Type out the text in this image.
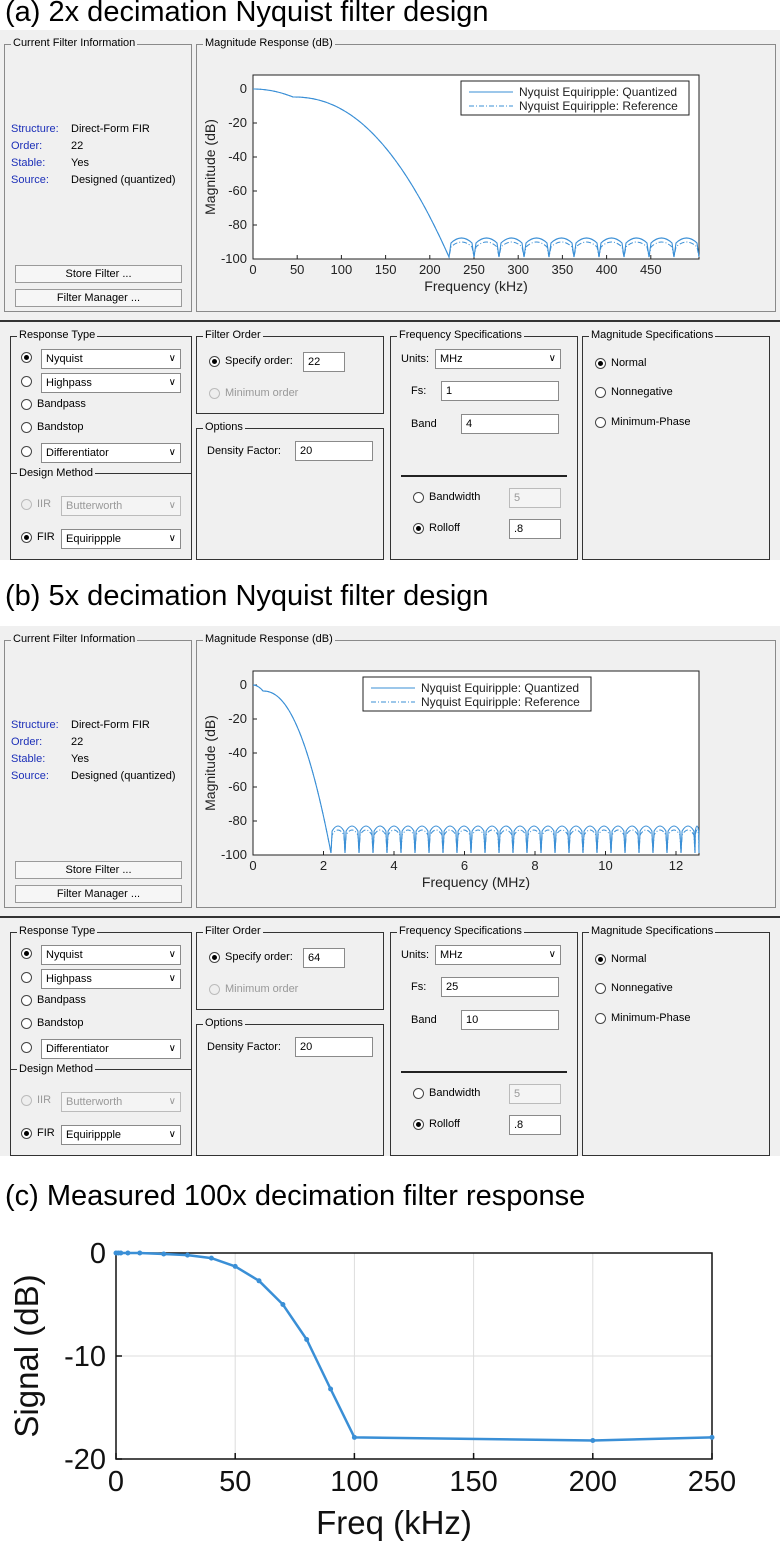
(a) 2x decimation Nyquist filter design
(b) 5x decimation Nyquist filter design
(c) Measured 100x decimation filter response
Current Filter Information
Structure: Direct-Form FIR
Order:	22
Stable: Yes
Source: Designed (quantized)
Store Filter ...
Filter Manager ...
Magnitude Response (dB)
0
-20
-40
-60
-80
-100
0	50 100 150 200 250 300 350 400 450
Magnitude (dB)
Frequency (kHz)
Nyquist Equiripple: Quantized
Nyquist Equiripple: Reference
Response Type
Nyquist	∨
Highpass	∨
Bandpass
Bandstop
Differentiator	∨
Design Method
IIR	Butterworth	∨
FIR	Equirippple	∨
Filter Order
Specify order:	22
Minimum order
Options
Density Factor:	20
Frequency Specifications
Units: MHz	∨
Fs:	1
Band	4
Bandwidth	5
Rolloff	.8
Magnitude Specifications
Normal
Nonnegative
Minimum-Phase
Current Filter Information
Structure: Direct-Form FIR
Order:	22
Stable: Yes
Source: Designed (quantized)
Store Filter ...
Filter Manager ...
Magnitude Response (dB)
0
-20
-40
-60
-80
-100
0	2	4	6	8	10	12
Magnitude (dB)
Frequency (MHz)
Nyquist Equiripple: Quantized
Nyquist Equiripple: Reference
Response Type
Nyquist	∨
Highpass	∨
Bandpass
Bandstop
Differentiator	∨
Design Method
IIR	Butterworth	∨
FIR	Equirippple	∨
Filter Order
Specify order:	64
Minimum order
Options
Density Factor:	20
Frequency Specifications
Units: MHz	∨
Fs:	25
Band	10
Bandwidth	5
Rolloff	.8
Magnitude Specifications
Normal
Nonnegative
Minimum-Phase
0	50	100 150 200 250
0
-10
-20
Freq (kHz)
Signal (dB)
